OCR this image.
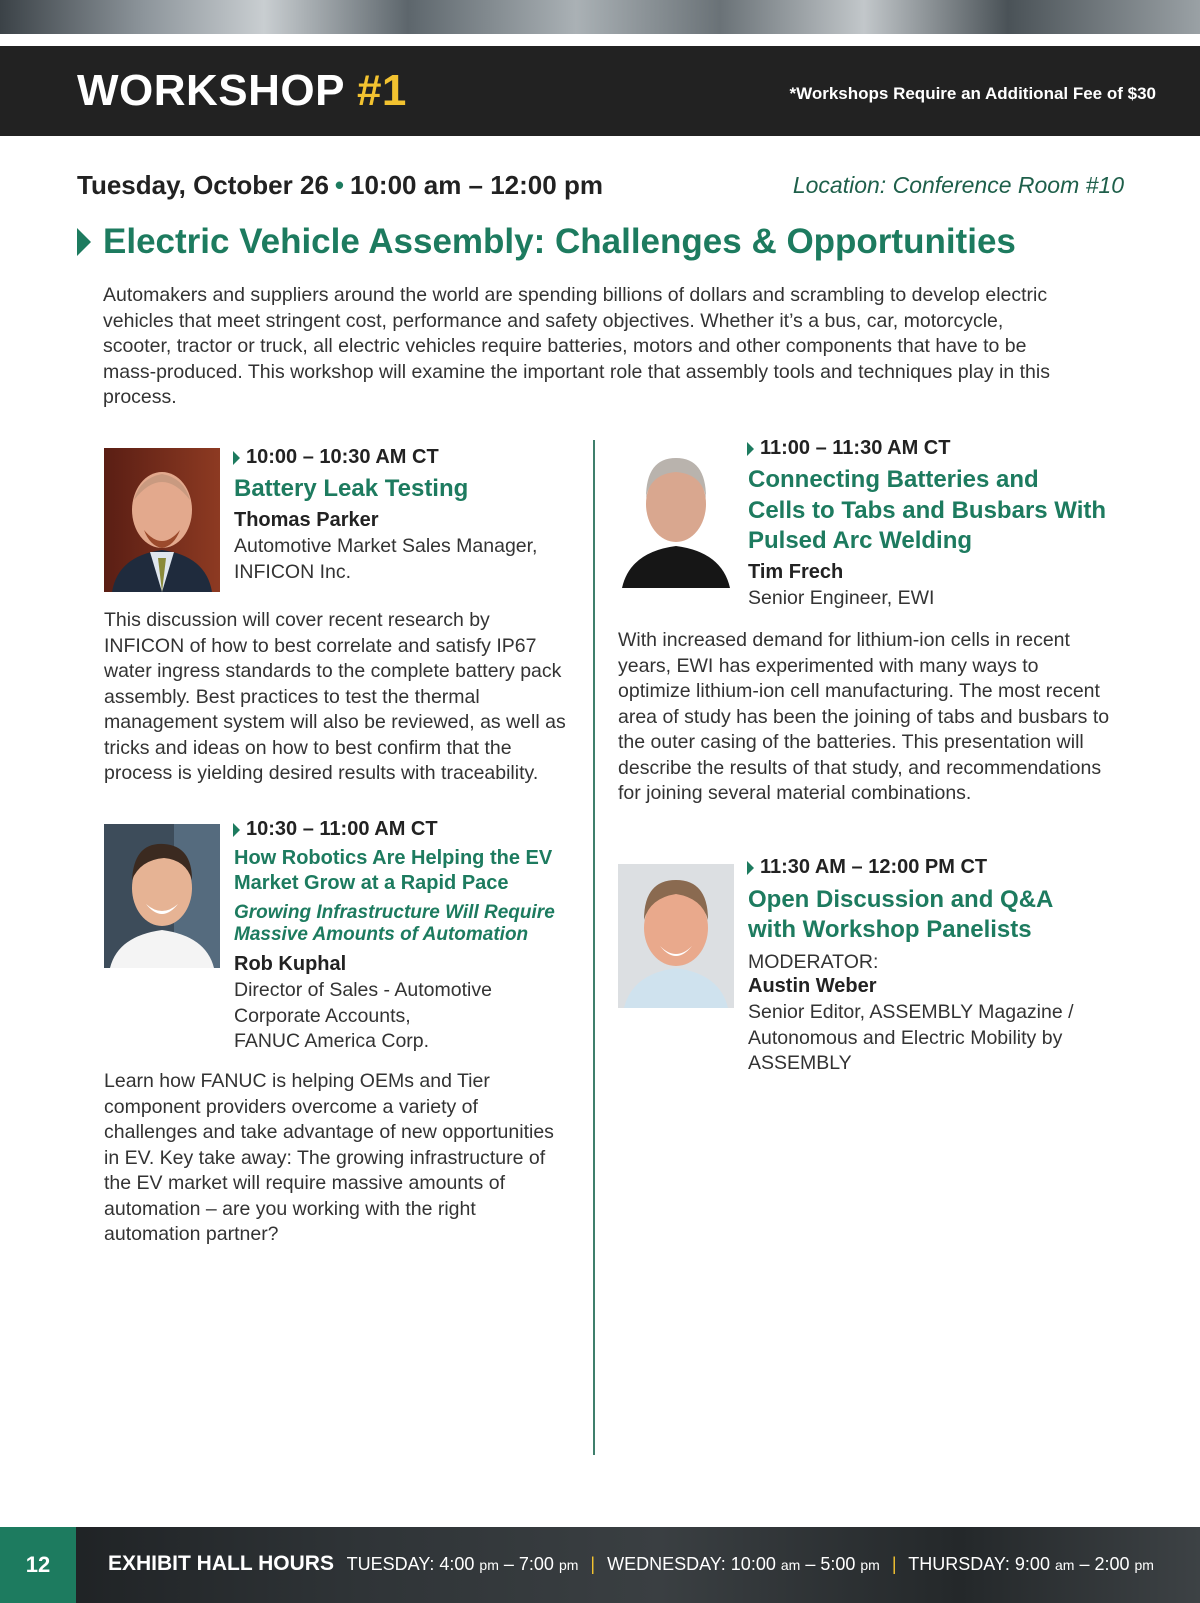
WORKSHOP #1	*Workshops Require an Additional Fee of $30
Tuesday, October 26 • 10:00 am – 12:00 pm	Location: Conference Room #10
Electric Vehicle Assembly: Challenges & Opportunities
Automakers and suppliers around the world are spending billions of dollars and scrambling to develop electric vehicles that meet stringent cost, performance and safety objectives. Whether it’s a bus, car, motorcycle, scooter, tractor or truck, all electric vehicles require batteries, motors and other components that have to be mass-produced. This workshop will examine the important role that assembly tools and techniques play in this process.
10:00 – 10:30 AM CT
Battery Leak Testing
Thomas Parker
Automotive Market Sales Manager,
INFICON Inc.
This discussion will cover recent research by INFICON of how to best correlate and satisfy IP67 water ingress standards to the complete battery pack assembly. Best practices to test the thermal management system will also be reviewed, as well as tricks and ideas on how to best confirm that the process is yielding desired results with traceability.
10:30 – 11:00 AM CT
How Robotics Are Helping the EV
Market Grow at a Rapid Pace
Growing Infrastructure Will Require
Massive Amounts of Automation
Rob Kuphal
Director of Sales - Automotive
Corporate Accounts,
FANUC America Corp.
Learn how FANUC is helping OEMs and Tier component providers overcome a variety of challenges and take advantage of new opportunities in EV. Key take away: The growing infrastructure of the EV market will require massive amounts of automation – are you working with the right automation partner?
11:00 – 11:30 AM CT
Connecting Batteries and
Cells to Tabs and Busbars With
Pulsed Arc Welding
Tim Frech
Senior Engineer, EWI
With increased demand for lithium-ion cells in recent years, EWI has experimented with many ways to optimize lithium-ion cell manufacturing. The most recent area of study has been the joining of tabs and busbars to the outer casing of the batteries. This presentation will describe the results of that study, and recommendations for joining several material combinations.
11:30 AM – 12:00 PM CT
Open Discussion and Q&A
with Workshop Panelists
MODERATOR:
Austin Weber
Senior Editor, ASSEMBLY Magazine /
Autonomous and Electric Mobility by
ASSEMBLY
12	EXHIBIT HALL HOURS TUESDAY: 4:00 pm – 7:00 pm | WEDNESDAY: 10:00 am – 5:00 pm | THURSDAY: 9:00 am – 2:00 pm
